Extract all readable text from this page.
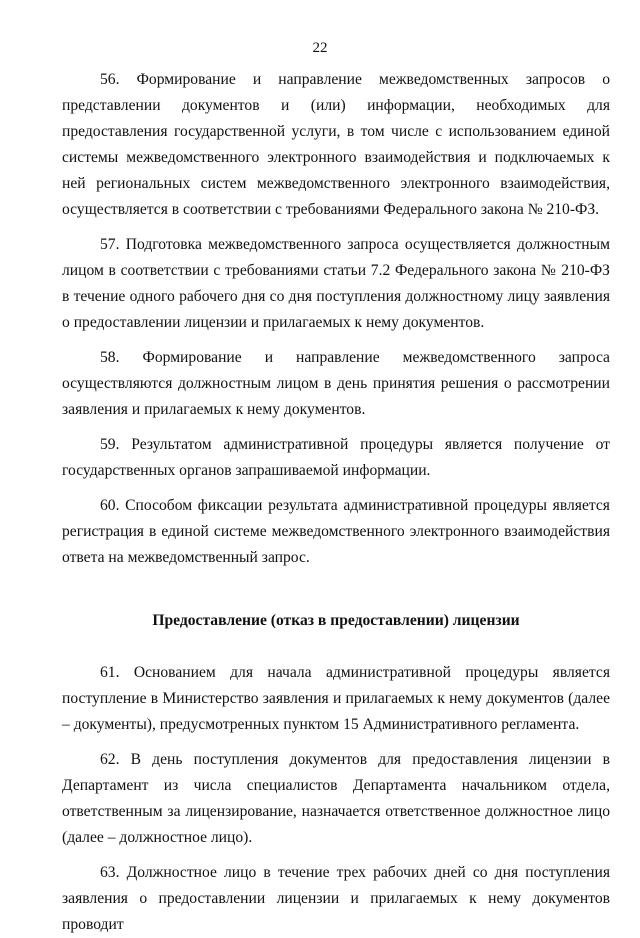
22

56. Формирование и направление межведомственных запросов о представлении документов и (или) информации, необходимых для предоставления государственной услуги, в том числе с использованием единой системы межведомственного электронного взаимодействия и подключаемых к ней региональных систем межведомственного электронного взаимодействия, осуществляется в соответствии с требованиями Федерального закона № 210-ФЗ.

57. Подготовка межведомственного запроса осуществляется должностным лицом в соответствии с требованиями статьи 7.2 Федерального закона № 210-ФЗ в течение одного рабочего дня со дня поступления должностному лицу заявления о предоставлении лицензии и прилагаемых к нему документов.

58. Формирование и направление межведомственного запроса осуществляются должностным лицом в день принятия решения о рассмотрении заявления и прилагаемых к нему документов.

59. Результатом административной процедуры является получение от государственных органов запрашиваемой информации.

60. Способом фиксации результата административной процедуры является регистрация в единой системе межведомственного электронного взаимодействия ответа на межведомственный запрос.

Предоставление (отказ в предоставлении) лицензии

61. Основанием для начала административной процедуры является поступление в Министерство заявления и прилагаемых к нему документов (далее – документы), предусмотренных пунктом 15 Административного регламента.

62. В день поступления документов для предоставления лицензии в Департамент из числа специалистов Департамента начальником отдела, ответственным за лицензирование, назначается ответственное должностное лицо (далее – должностное лицо).

63. Должностное лицо в течение трех рабочих дней со дня поступления заявления о предоставлении лицензии и прилагаемых к нему документов проводит
